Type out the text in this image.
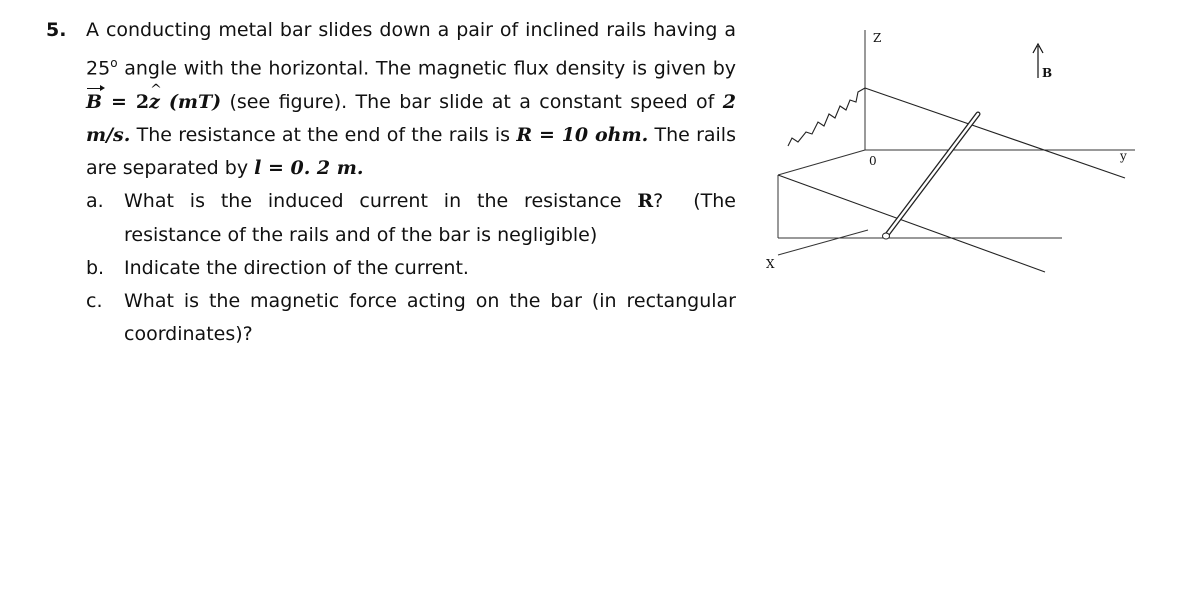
5. A conducting metal bar slides down a pair of inclined rails having a 25$^o$ angle with the horizontal. The magnetic flux density is given by B = 2z ^ (mT) (see figure). The bar slide at a constant speed of 2 m/s. The resistance at the end of the rails is R = 10 ohm. The rails are separated by l = 0. 2 m.

a. What is the induced current in the resistance R? (The resistance of the rails and of the bar is negligible)

b. Indicate the direction of the current.

c. What is the magnetic force acting on the bar (in rectangular coordinates)?

Z
0	y
X
B
